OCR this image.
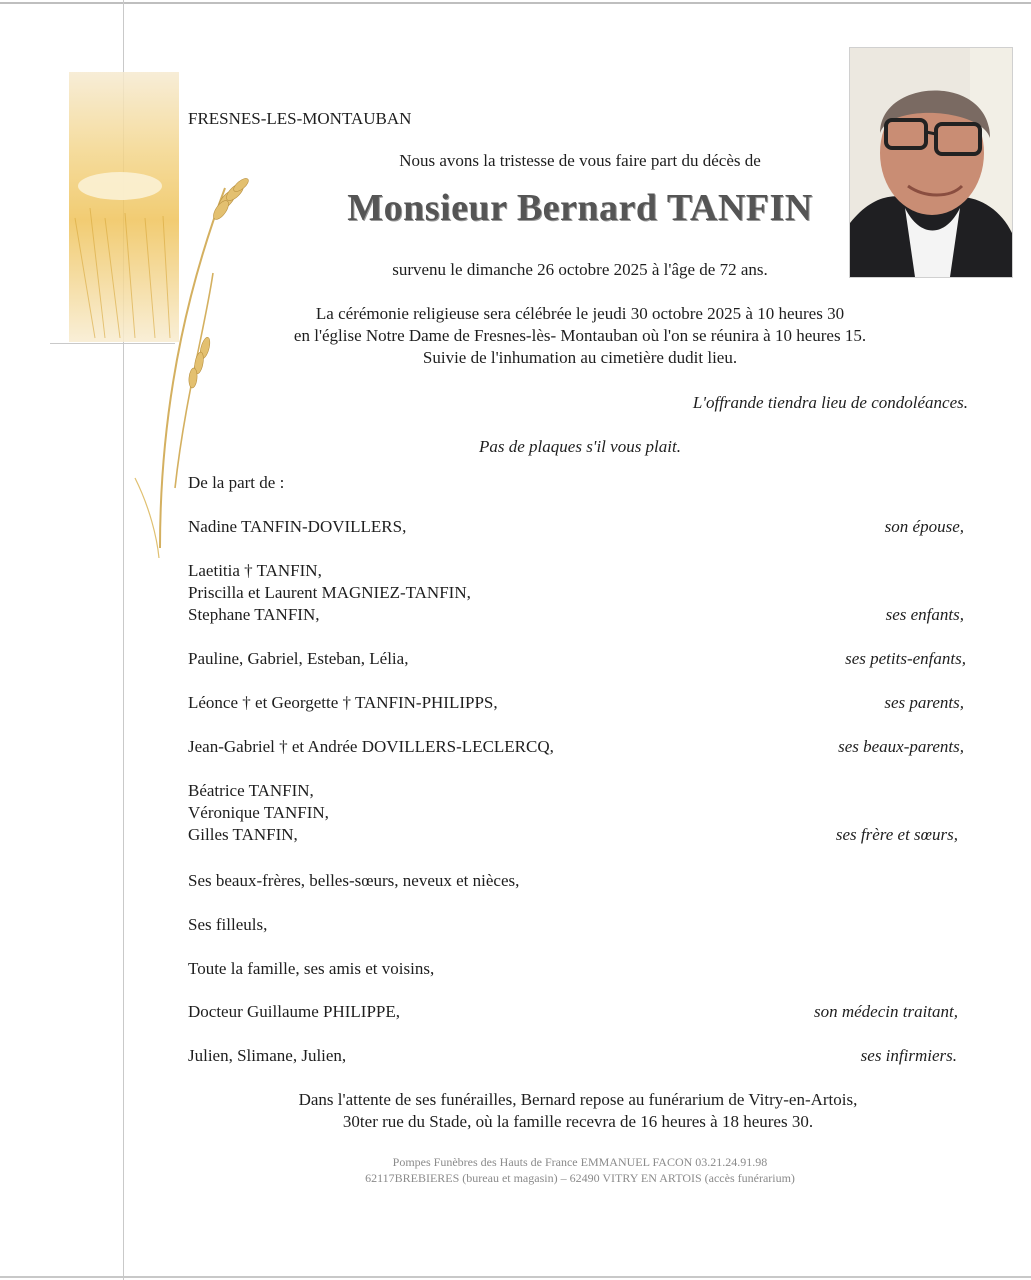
FRESNES-LES-MONTAUBAN
Nous avons la tristesse de vous faire part du décès de
Monsieur Bernard TANFIN
survenu le dimanche 26 octobre 2025 à l'âge de 72 ans.
La cérémonie religieuse sera célébrée le jeudi 30 octobre 2025 à 10 heures 30
en l'église Notre Dame de Fresnes-lès- Montauban où l'on se réunira à 10 heures 15.
Suivie de l'inhumation au cimetière dudit lieu.
L'offrande tiendra lieu de condoléances.
Pas de plaques s'il vous plait.
De la part de :
Nadine TANFIN-DOVILLERS,	son épouse,
Laetitia † TANFIN,
Priscilla et Laurent MAGNIEZ-TANFIN,
Stephane TANFIN,	ses enfants,
Pauline, Gabriel, Esteban, Lélia,	ses petits-enfants,
Léonce † et Georgette † TANFIN-PHILIPPS,	ses parents,
Jean-Gabriel † et Andrée DOVILLERS-LECLERCQ,	ses beaux-parents,
Béatrice TANFIN,
Véronique TANFIN,
Gilles TANFIN,	ses frère et sœurs,
Ses beaux-frères, belles-sœurs, neveux et nièces,
Ses filleuls,
Toute la famille, ses amis et voisins,
Docteur Guillaume PHILIPPE,	son médecin traitant,
Julien, Slimane, Julien,	ses infirmiers.
Dans l'attente de ses funérailles, Bernard repose au funérarium de Vitry-en-Artois,
30ter rue du Stade, où la famille recevra de 16 heures à 18 heures 30.
Pompes Funèbres des Hauts de France EMMANUEL FACON 03.21.24.91.98
62117BREBIERES (bureau et magasin) – 62490 VITRY EN ARTOIS (accès funérarium)
